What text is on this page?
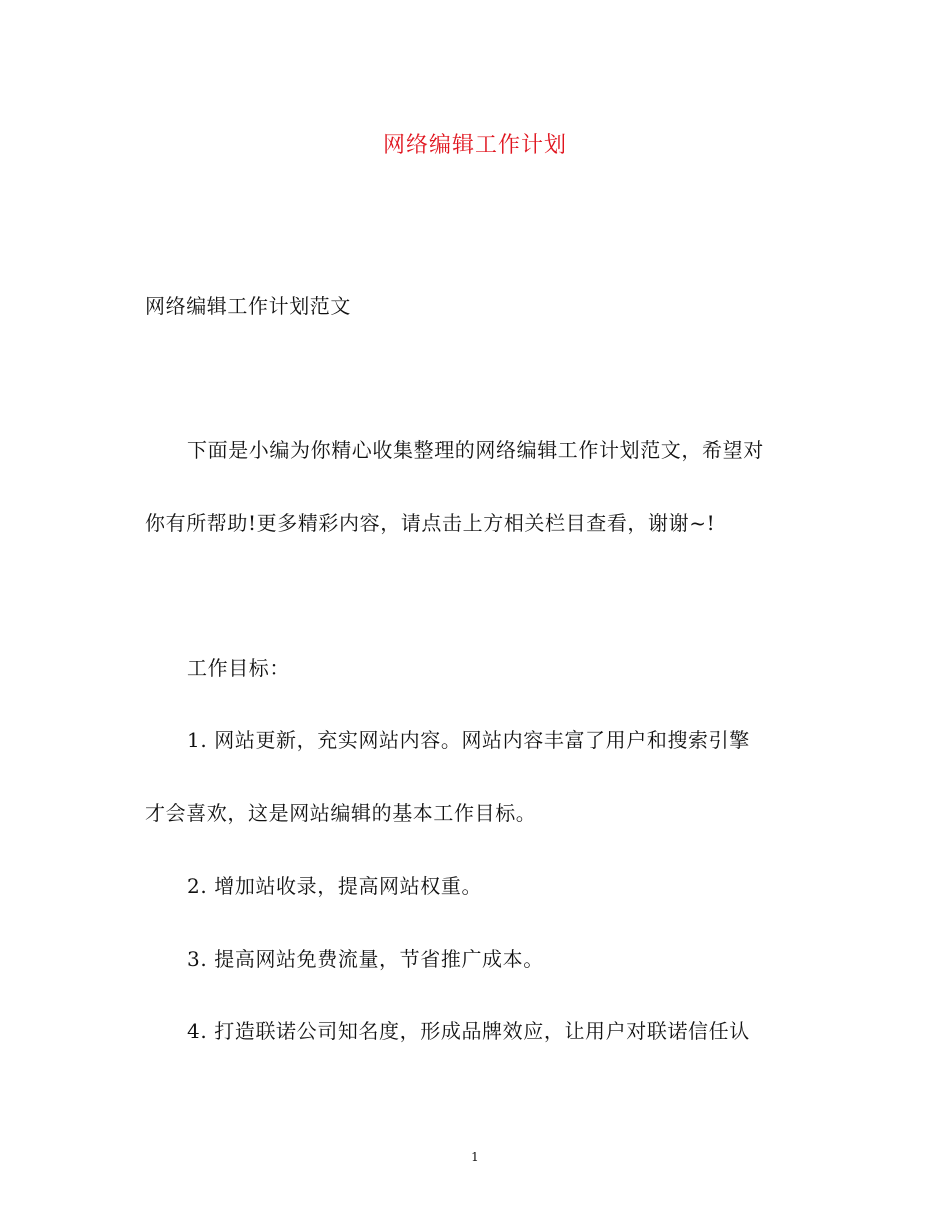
网络编辑工作计划
网络编辑工作计划范文
下面是小编为你精心收集整理的网络编辑工作计划范文，希望对
你有所帮助!更多精彩内容，请点击上方相关栏目查看，谢谢~!
工作目标：
1. 网站更新，充实网站内容。网站内容丰富了用户和搜索引擎
才会喜欢，这是网站编辑的基本工作目标。
2. 增加站收录，提高网站权重。
3. 提高网站免费流量，节省推广成本。
4. 打造联诺公司知名度，形成品牌效应，让用户对联诺信任认
1
